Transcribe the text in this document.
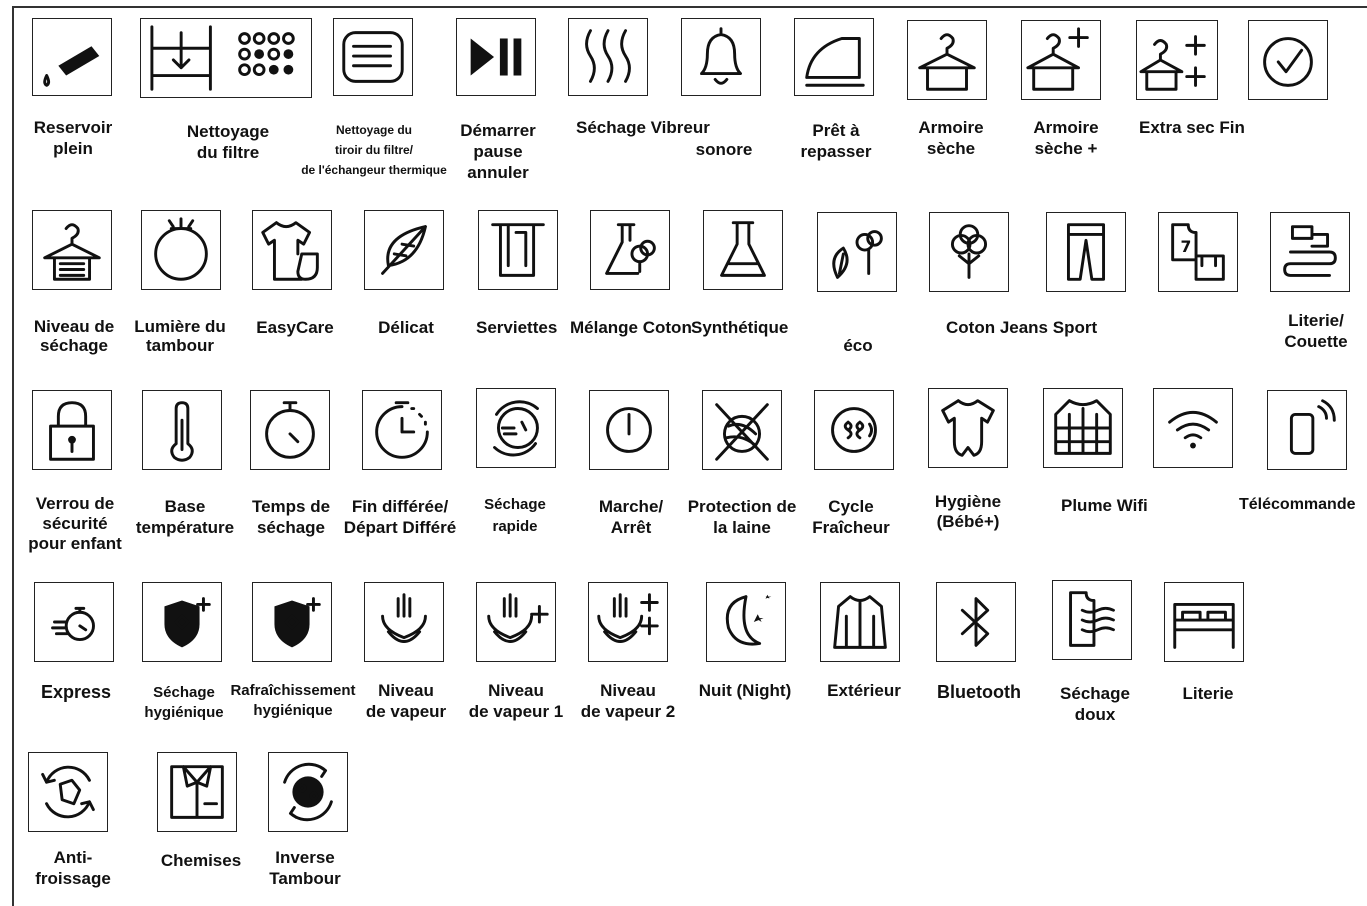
Reservoir
plein
Nettoyage
du filtre
Nettoyage du
tiroir du filtre/
de l'échangeur thermique
Démarrer
pause
annuler
Séchage Vibreur
sonore
Prêt à
repasser
Armoire
sèche
Armoire
sèche +
Extra sec Fin
7
Niveau de
séchage
Lumière du
tambour
EasyCare	Délicat Serviettes Mélange Coton Synthétique
éco
Coton Jeans Sport	Literie/
Couette
Verrou de
sécurité
pour enfant
Base
température
Temps de
séchage
Fin différée/
Départ Différé
Séchage
rapide
Marche/
Arrêt
Protection de
la laine
Cycle
Fraîcheur
Hygiène
(Bébé+)
Plume Wifi	Télécommande
Express	Séchage
hygiénique
Rafraîchissement
hygiénique
Niveau
de vapeur
Niveau
de vapeur 1
Niveau
de vapeur 2
Nuit (Night) Extérieur Bluetooth Séchage
doux
Literie
Anti-
froissage
Chemises	Inverse
Tambour
